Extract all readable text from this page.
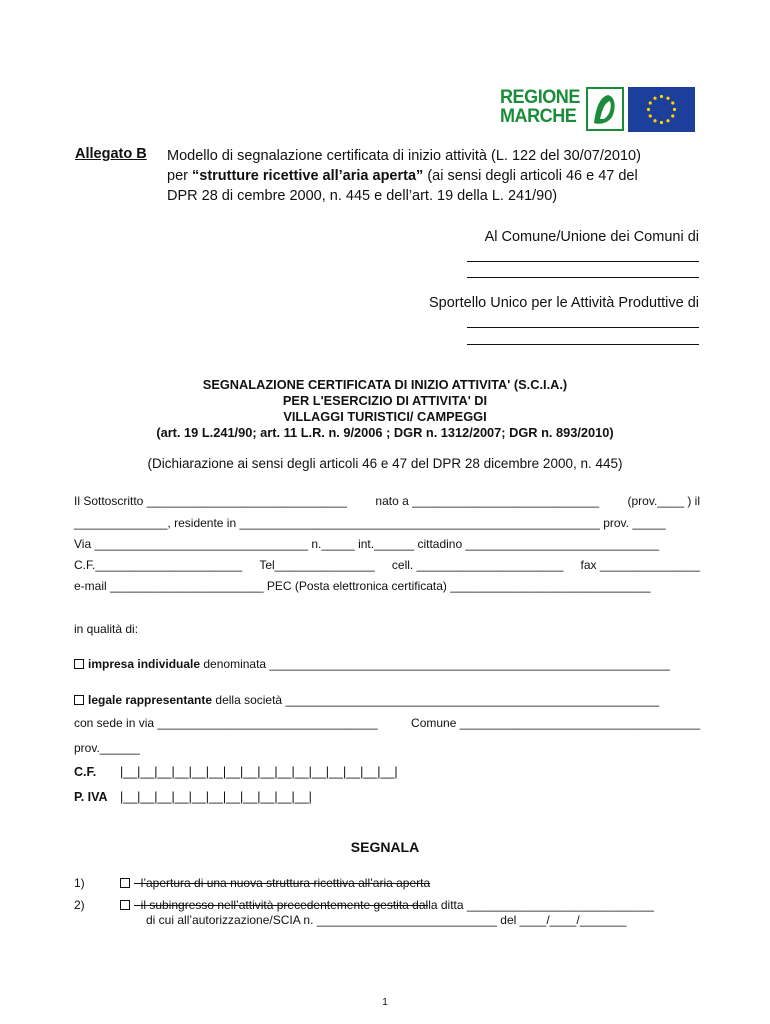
REGIONE
MARCHE
Allegato B Modello di segnalazione certificata di inizio attività (L. 122 del 30/07/2010)
per “strutture ricettive all’aria aperta” (ai sensi degli articoli 46 e 47 del
DPR 28 di cembre 2000, n. 445 e dell’art. 19 della L. 241/90)
Al Comune/Unione dei Comuni di
Sportello Unico per le Attività Produttive di
SEGNALAZIONE CERTIFICATA DI INIZIO ATTIVITA' (S.C.I.A.)
PER L'ESERCIZIO DI ATTIVITA' DI
VILLAGGI TURISTICI/ CAMPEGGI
(art. 19 L.241/90; art. 11 L.R. n. 9/2006 ; DGR n. 1312/2007; DGR n. 893/2010)
(Dichiarazione ai sensi degli articoli 46 e 47 del DPR 28 dicembre 2000, n. 445)
Il Sottoscritto ______________________________ nato a ____________________________ (prov.____ ) il
______________, residente in ______________________________________________________ prov. _____
Via ________________________________ n._____ int.______ cittadino _____________________________
C.F.______________________ Tel_______________ cell. ______________________ fax _______________
e-mail _______________________ PEC (Posta elettronica certificata) ______________________________
in qualità di:
impresa individuale denominata ____________________________________________________________
legale rappresentante della società ________________________________________________________
con sede in via _________________________________	Comune ____________________________________
prov.______
C.F. |__|__|__|__|__|__|__|__|__|__|__|__|__|__|__|__|
P. IVA |__|__|__|__|__|__|__|__|__|__|__|
SEGNALA
1)	l’apertura di una nuova struttura ricettiva all’aria aperta
2)	il subingresso nell’attività precedentemente gestita dalla ditta ____________________________
di cui all’autorizzazione/SCIA n. ___________________________ del ____/____/_______
1
